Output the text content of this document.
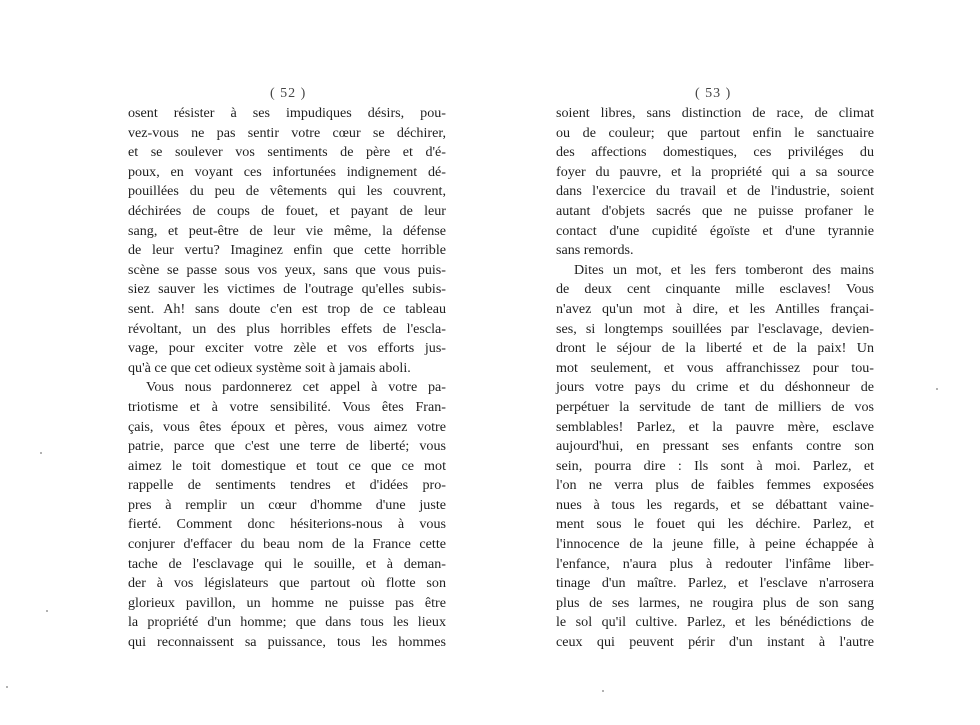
( 52 )
osent résister à ses impudiques désirs, pou-
vez-vous ne pas sentir votre cœur se déchirer,
et se soulever vos sentiments de père et d'é-
poux, en voyant ces infortunées indignement dé-
pouillées du peu de vêtements qui les couvrent,
déchirées de coups de fouet, et payant de leur
sang, et peut-être de leur vie même, la défense
de leur vertu? Imaginez enfin que cette horrible
scène se passe sous vos yeux, sans que vous puis-
siez sauver les victimes de l'outrage qu'elles subis-
sent. Ah! sans doute c'en est trop de ce tableau
révoltant, un des plus horribles effets de l'escla-
vage, pour exciter votre zèle et vos efforts jus-
qu'à ce que cet odieux système soit à jamais aboli.
Vous nous pardonnerez cet appel à votre pa-
triotisme et à votre sensibilité. Vous êtes Fran-
çais, vous êtes époux et pères, vous aimez votre
patrie, parce que c'est une terre de liberté; vous
aimez le toit domestique et tout ce que ce mot
rappelle de sentiments tendres et d'idées pro-
pres à remplir un cœur d'homme d'une juste
fierté. Comment donc hésiterions-nous à vous
conjurer d'effacer du beau nom de la France cette
tache de l'esclavage qui le souille, et à deman-
der à vos législateurs que partout où flotte son
glorieux pavillon, un homme ne puisse pas être
la propriété d'un homme; que dans tous les lieux
qui reconnaissent sa puissance, tous les hommes
( 53 )
soient libres, sans distinction de race, de climat
ou de couleur; que partout enfin le sanctuaire
des affections domestiques, ces priviléges du
foyer du pauvre, et la propriété qui a sa source
dans l'exercice du travail et de l'industrie, soient
autant d'objets sacrés que ne puisse profaner le
contact d'une cupidité égoïste et d'une tyrannie
sans remords.
Dites un mot, et les fers tomberont des mains
de deux cent cinquante mille esclaves! Vous
n'avez qu'un mot à dire, et les Antilles françai-
ses, si longtemps souillées par l'esclavage, devien-
dront le séjour de la liberté et de la paix! Un
mot seulement, et vous affranchissez pour tou-
jours votre pays du crime et du déshonneur de
perpétuer la servitude de tant de milliers de vos
semblables! Parlez, et la pauvre mère, esclave
aujourd'hui, en pressant ses enfants contre son
sein, pourra dire : Ils sont à moi. Parlez, et
l'on ne verra plus de faibles femmes exposées
nues à tous les regards, et se débattant vaine-
ment sous le fouet qui les déchire. Parlez, et
l'innocence de la jeune fille, à peine échappée à
l'enfance, n'aura plus à redouter l'infâme liber-
tinage d'un maître. Parlez, et l'esclave n'arrosera
plus de ses larmes, ne rougira plus de son sang
le sol qu'il cultive. Parlez, et les bénédictions de
ceux qui peuvent périr d'un instant à l'autre
